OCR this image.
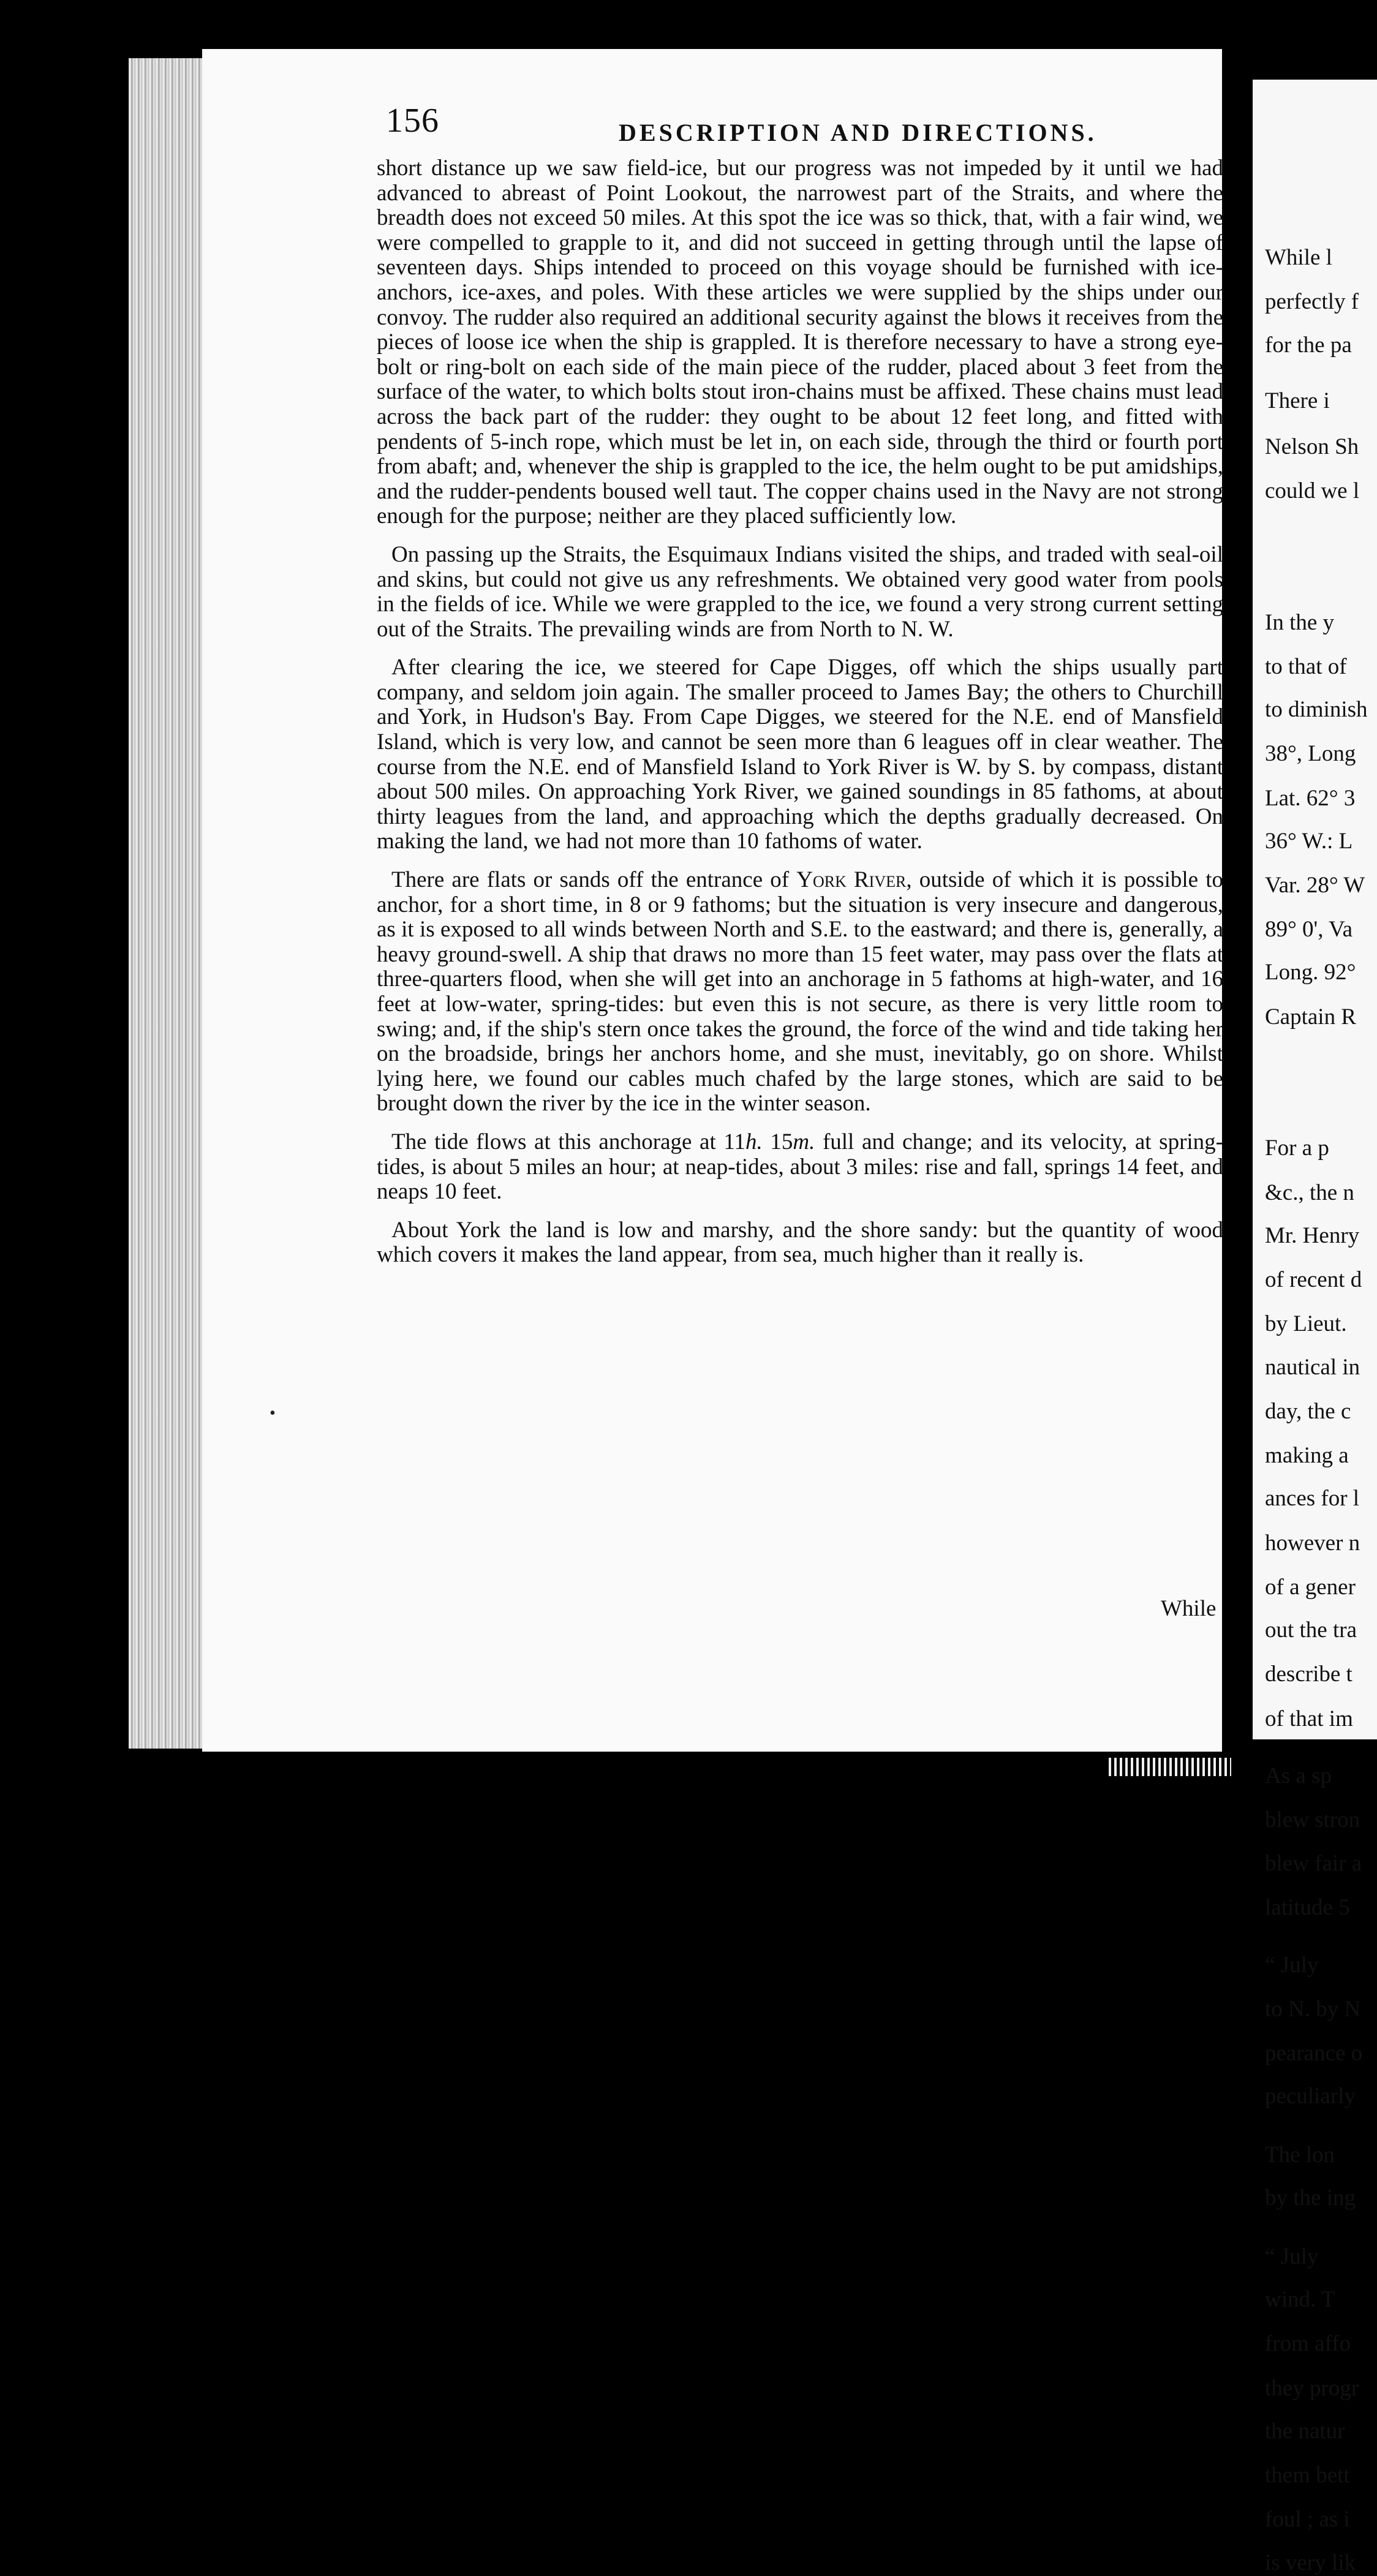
While l
perfectly f
for the pa
There i
Nelson Sh
could we l
In the y
to that of
to diminish
38°, Long
Lat. 62° 3
36° W.: L
Var. 28° W
89° 0', Va
Long. 92°
Captain R
For a p
&c., the n
Mr. Henry
of recent d
by Lieut.
nautical in
day, the c
making a
ances for l
however n
of a gener
out the tra
describe t
of that im
As a sp
blew stron
blew fair a
latitude 5
“ July
to N. by N
pearance o
peculiarly
The lon
by the ing
“ July
wind. T
from affo
they progr
the natur
them bett
foul ; as i
is very lik
156	DESCRIPTION AND DIRECTIONS.

short distance up we saw field-ice, but our progress was not impeded by it until we had advanced to abreast of Point Lookout, the narrowest part of the Straits, and where the breadth does not exceed 50 miles. At this spot the ice was so thick, that, with a fair wind, we were compelled to grapple to it, and did not succeed in getting through until the lapse of seventeen days. Ships intended to proceed on this voyage should be furnished with ice-anchors, ice-axes, and poles. With these articles we were supplied by the ships under our convoy. The rudder also required an additional security against the blows it receives from the pieces of loose ice when the ship is grappled. It is therefore necessary to have a strong eye-bolt or ring-bolt on each side of the main piece of the rudder, placed about 3 feet from the surface of the water, to which bolts stout iron-chains must be affixed. These chains must lead across the back part of the rudder: they ought to be about 12 feet long, and fitted with pendents of 5-inch rope, which must be let in, on each side, through the third or fourth port from abaft; and, whenever the ship is grappled to the ice, the helm ought to be put amidships, and the rudder-pendents boused well taut. The copper chains used in the Navy are not strong enough for the purpose; neither are they placed sufficiently low.

On passing up the Straits, the Esquimaux Indians visited the ships, and traded with seal-oil and skins, but could not give us any refreshments. We obtained very good water from pools in the fields of ice. While we were grappled to the ice, we found a very strong current setting out of the Straits. The prevailing winds are from North to N. W.

After clearing the ice, we steered for Cape Digges, off which the ships usually part company, and seldom join again. The smaller proceed to James Bay; the others to Churchill and York, in Hudson's Bay. From Cape Digges, we steered for the N.E. end of Mansfield Island, which is very low, and cannot be seen more than 6 leagues off in clear weather. The course from the N.E. end of Mansfield Island to York River is W. by S. by compass, distant about 500 miles. On approaching York River, we gained soundings in 85 fathoms, at about thirty leagues from the land, and approaching which the depths gradually decreased. On making the land, we had not more than 10 fathoms of water.

There are flats or sands off the entrance of York River, outside of which it is possible to anchor, for a short time, in 8 or 9 fathoms; but the situation is very insecure and dangerous, as it is exposed to all winds between North and S.E. to the eastward; and there is, generally, a heavy ground-swell. A ship that draws no more than 15 feet water, may pass over the flats at three-quarters flood, when she will get into an anchorage in 5 fathoms at high-water, and 16 feet at low-water, spring-tides: but even this is not secure, as there is very little room to swing; and, if the ship's stern once takes the ground, the force of the wind and tide taking her on the broadside, brings her anchors home, and she must, inevitably, go on shore. Whilst lying here, we found our cables much chafed by the large stones, which are said to be brought down the river by the ice in the winter season.

The tide flows at this anchorage at 11h. 15m. full and change; and its velocity, at spring-tides, is about 5 miles an hour; at neap-tides, about 3 miles: rise and fall, springs 14 feet, and neaps 10 feet.

About York the land is low and marshy, and the shore sandy: but the quantity of wood which covers it makes the land appear, from sea, much higher than it really is.

While
•
